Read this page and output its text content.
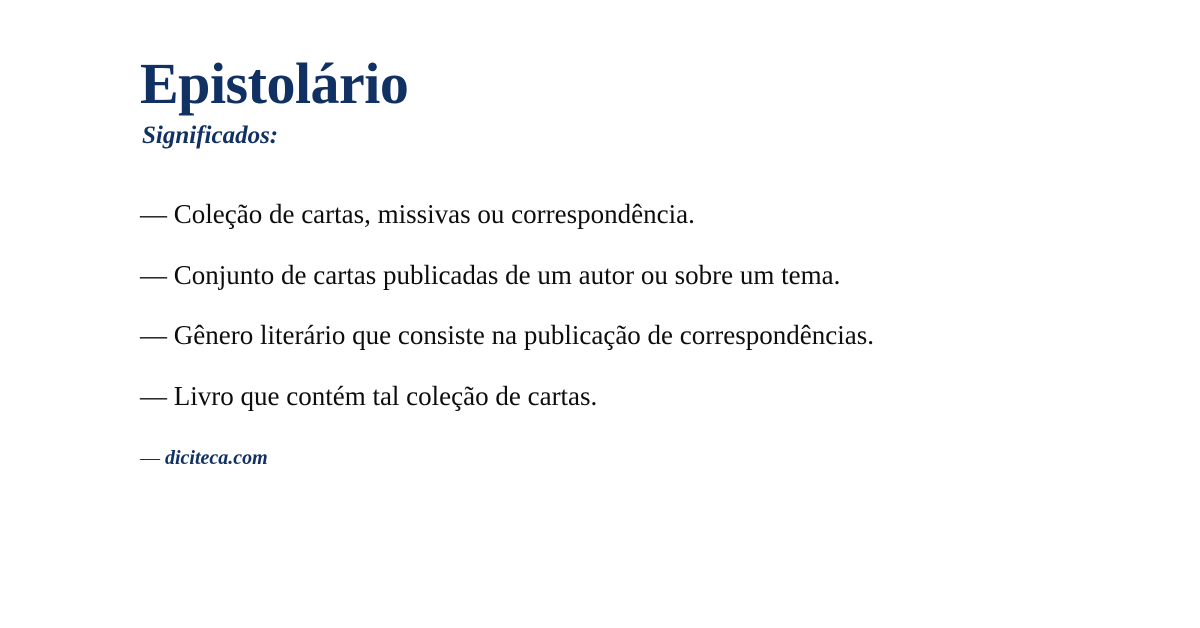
Epistolário
Significados:

— Coleção de cartas, missivas ou correspondência.

— Conjunto de cartas publicadas de um autor ou sobre um tema.

— Gênero literário que consiste na publicação de correspondências.

— Livro que contém tal coleção de cartas.

— diciteca.com
